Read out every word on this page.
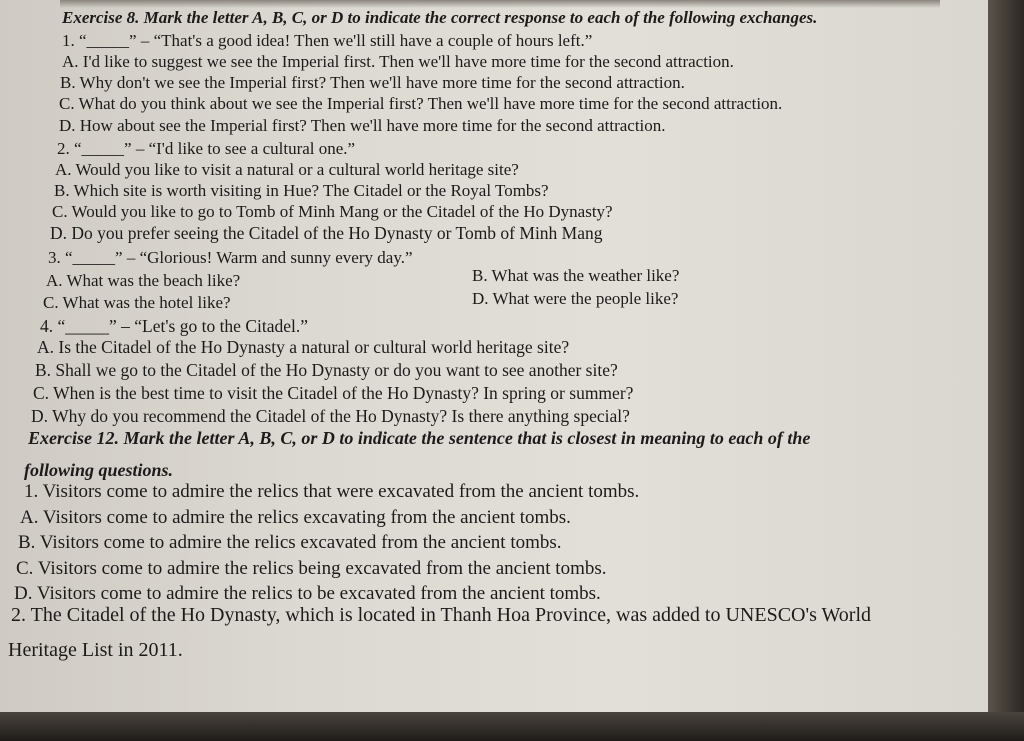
Exercise 8. Mark the letter A, B, C, or D to indicate the correct response to each of the following exchanges.
1. “_____” – “That's a good idea! Then we'll still have a couple of hours left.”
A. I'd like to suggest we see the Imperial first. Then we'll have more time for the second attraction.
B. Why don't we see the Imperial first? Then we'll have more time for the second attraction.
C. What do you think about we see the Imperial first? Then we'll have more time for the second attraction.
D. How about see the Imperial first? Then we'll have more time for the second attraction.
2. “_____” – “I'd like to see a cultural one.”
A. Would you like to visit a natural or a cultural world heritage site?
B. Which site is worth visiting in Hue? The Citadel or the Royal Tombs?
C. Would you like to go to Tomb of Minh Mang or the Citadel of the Ho Dynasty?
D. Do you prefer seeing the Citadel of the Ho Dynasty or Tomb of Minh Mang
3. “_____” – “Glorious! Warm and sunny every day.”
A. What was the beach like?	B. What was the weather like?
C. What was the hotel like?	D. What were the people like?
4. “_____” – “Let's go to the Citadel.”
A. Is the Citadel of the Ho Dynasty a natural or cultural world heritage site?
B. Shall we go to the Citadel of the Ho Dynasty or do you want to see another site?
C. When is the best time to visit the Citadel of the Ho Dynasty? In spring or summer?
D. Why do you recommend the Citadel of the Ho Dynasty? Is there anything special?
Exercise 12. Mark the letter A, B, C, or D to indicate the sentence that is closest in meaning to each of the
following questions.
1. Visitors come to admire the relics that were excavated from the ancient tombs.
A. Visitors come to admire the relics excavating from the ancient tombs.
B. Visitors come to admire the relics excavated from the ancient tombs.
C. Visitors come to admire the relics being excavated from the ancient tombs.
D. Visitors come to admire the relics to be excavated from the ancient tombs.
2. The Citadel of the Ho Dynasty, which is located in Thanh Hoa Province, was added to UNESCO's World
Heritage List in 2011.
